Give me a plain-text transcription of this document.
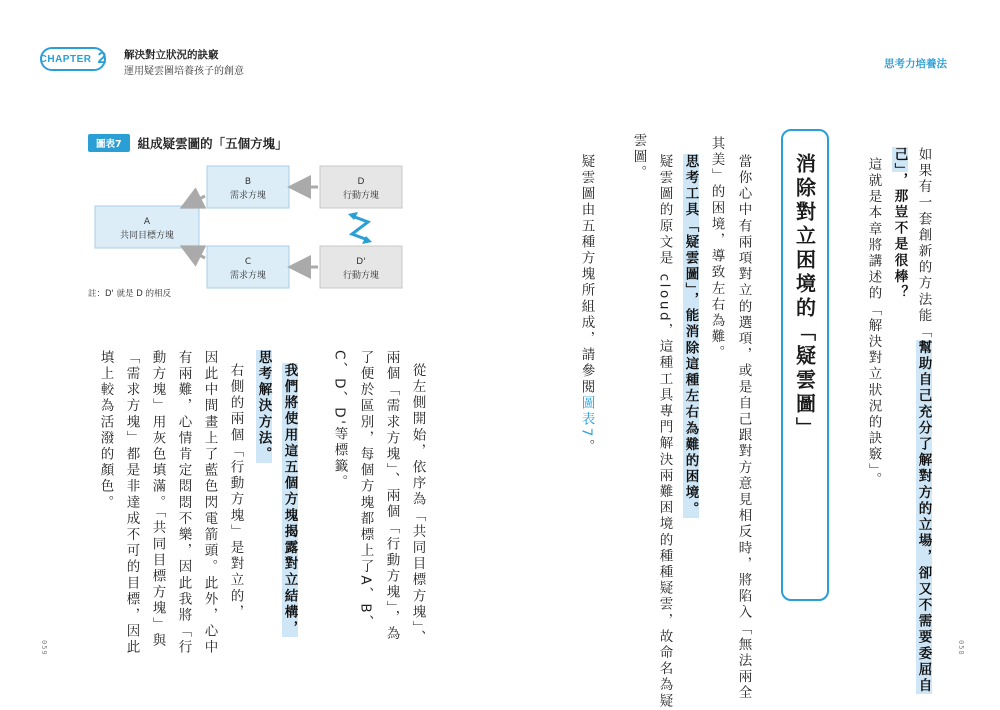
CHAPTER 2 解決對立狀況的訣竅
運用疑雲圖培養孩子的創意
思考力培養法
圖表7	組成疑雲圖的「五個方塊」
A
共同目標方塊
B
需求方塊
C
需求方塊
D
行動方塊
D'
行動方塊
註：D' 就是 D 的相反	如果有一套創新的方法能「幫助自己充分了解對方的立場，卻又不需要委屈自
己」，那豈不是很棒？
這就是本章將講述的「解決對立狀況的訣竅」。
消除對立困境的「疑雲圖」
當你心中有兩項對立的選項，或是自己跟對方意見相反時，將陷入「無法兩全
其美」的困境，導致左右為難。
思考工具「疑雲圖」，能消除這種左右為難的困境。
疑雲圖的原文是 cloud，這種工具專門解決兩難困境的種種疑雲，故命名為疑
雲圖。
疑雲圖由五種方塊所組成，請參閱圖表7。
058
從左側開始，依序為「共同目標方塊」、
兩個「需求方塊」、兩個「行動方塊」，為
了便於區別，每個方塊都標上了A、B、
C、D、D'等標籤。
我們將使用這五個方塊揭露對立結構，
思考解決方法。
右側的兩個「行動方塊」是對立的，
因此中間畫上了藍色閃電箭頭。此外，心中
有兩難，心情肯定悶悶不樂，因此我將「行
動方塊」用灰色填滿。「共同目標方塊」與
「需求方塊」都是非達成不可的目標，因此
填上較為活潑的顏色。
059
